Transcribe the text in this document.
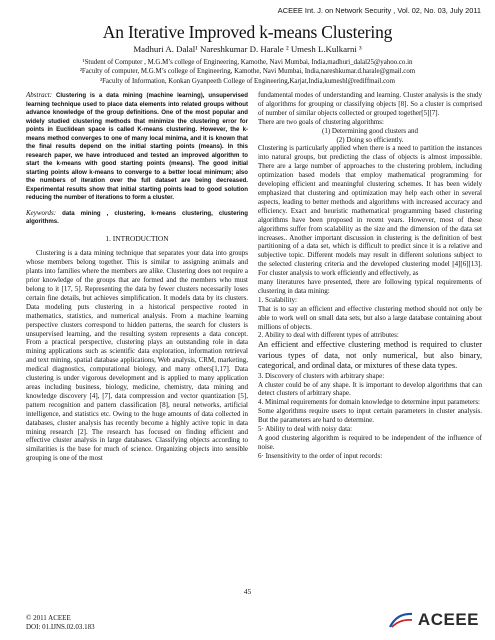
ACEEE Int. J. on Network Security , Vol. 02, No. 03, July 2011
An Iterative Improved k-means Clustering
Madhuri A. Dalal¹ Nareshkumar D. Harale ² Umesh L.Kulkarni ³
¹Student of Computer , M.G.M’s college of Engineering, Kamothe, Navi Mumbai, India,madhuri_dalal25@yahoo.co.in
²Faculty of computer, M.G.M’s college of Engineering, Kamothe, Navi Mumbai, India,nareshkumar.d.harale@gmail.com
³Faculty of Information, Konkan Gyanpeeth College of Engineering,Karjat,India,kumeshl@rediffmail.com

Abstract: Clustering is a data mining (machine learning), unsupervised learning technique used to place data elements into related groups without advance knowledge of the group definitions. One of the most popular and widely studied clustering methods that minimize the clustering error for points in Euclidean space is called K-means clustering. However, the k-means method converges to one of many local minima, and it is known that the final results depend on the initial starting points (means). In this research paper, we have introduced and tested an improved algorithm to start the k-means with good starting points (means). The good initial starting points allow k-means to converge to a better local minimum; also the numbers of iteration over the full dataset are being decreased. Experimental results show that initial starting points lead to good solution reducing the number of iterations to form a cluster.

Keywords: data mining , clustering, k-means clustering, clustering algorithms.

1. INTRODUCTION

Clustering is a data mining technique that separates your data into groups whose members belong together. This is similar to assigning animals and plants into families where the members are alike. Clustering does not require a prior knowledge of the groups that are formed and the members who must belong to it [17, 5]. Representing the data by fewer clusters necessarily loses certain fine details, but achieves simplification. It models data by its clusters. Data modeling puts clustering in a historical perspective rooted in mathematics, statistics, and numerical analysis. From a machine learning perspective clusters correspond to hidden patterns, the search for clusters is unsupervised learning, and the resulting system represents a data concept. From a practical perspective, clustering plays an outstanding role in data mining applications such as scientific data exploration, information retrieval and text mining, spatial database applications, Web analysis, CRM, marketing, medical diagnostics, computational biology, and many others[1,17]. Data clustering is under vigorous development and is applied to many application areas including business, biology, medicine, chemistry, data mining and knowledge discovery [4], [7], data compression and vector quantization [5], pattern recognition and pattern classification [8], neural networks, artificial intelligence, and statistics etc. Owing to the huge amounts of data collected in databases, cluster analysis has recently become a highly active topic in data mining research [2]. The research has focused on finding efficient and effective cluster analysis in large databases. Classifying objects according to similarities is the base for much of science. Organizing objects into sensible grouping is one of the most

fundamental modes of understanding and learning. Cluster analysis is the study of algorithms for grouping or classifying objects [8]. So a cluster is comprised of number of similar objects collected or grouped together[5][7].

There are two goals of clustering algorithms:

(1) Determining good clusters and

(2) Doing so efficiently.

Clustering is particularly applied when there is a need to partition the instances into natural groups, but predicting the class of objects is almost impossible. There are a large number of approaches to the clustering problem, including optimization based models that employ mathematical programming for developing efficient and meaningful clustering schemes. It has been widely emphasized that clustering and optimization may help each other in several aspects, leading to better methods and algorithms with increased accuracy and efficiency. Exact and heuristic mathematical programming based clustering algorithms have been proposed in recent years. However, most of these algorithms suffer from scalability as the size and the dimension of the data set increases.. Another important discussion in clustering is the definition of best partitioning of a data set, which is difficult to predict since it is a relative and subjective topic. Different models may result in different solutions subject to the selected clustering criteria and the developed clustering model [4][6][13]. For cluster analysis to work efficiently and effectively, as

many literatures have presented, there are following typical requirements of clustering in data mining:

1. Scalability:

That is to say an efficient and effective clustering method should not only be able to work well on small data sets, but also a large database containing about millions of objects.

2. Ability to deal with different types of attributes:

An efficient and effective clustering method is required to cluster various types of data, not only numerical, but also binary, categorical, and ordinal data, or mixtures of these data types.

3. Discovery of clusters with arbitrary shape:

A cluster could be of any shape. It is important to develop algorithms that can detect clusters of arbitrary shape.

4. Minimal requirements for domain knowledge to determine input parameters:

Some algorithms require users to input certain parameters in cluster analysis. But the parameters are hard to determine.

5· Ability to deal with noisy data:

A good clustering algorithm is required to be independent of the influence of noise.

6· Insensitivity to the order of input records:

45
© 2011 ACEEE
DOI: 01.IJNS.02.03.183	ACEEE
